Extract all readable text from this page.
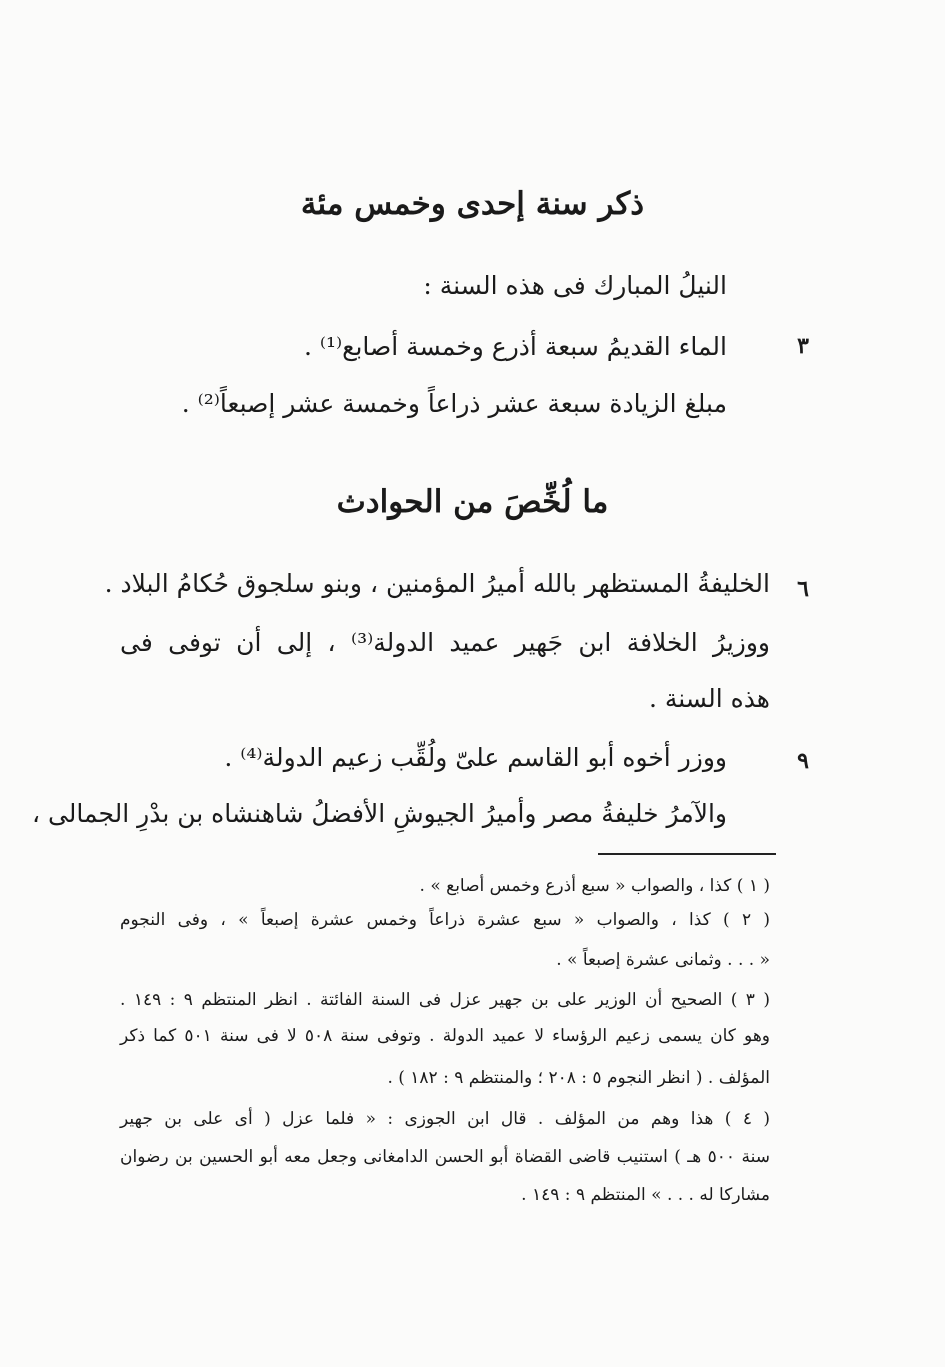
ذكر سنة إحدى وخمس مئة
النيلُ المبارك فى هذه السنة :
٣
الماء القديمُ سبعة أذرع وخمسة أصابع⁽¹⁾ .
مبلغ الزيادة سبعة عشر ذراعاً وخمسة عشر إصبعاً⁽²⁾ .
ما لُخِّصَ من الحوادث
٦
الخليفةُ المستظهر بالله أميرُ المؤمنين ، وبنو سلجوق حُكامُ البلاد .
ووزيرُ الخلافة ابن جَهير عميد الدولة⁽³⁾ ، إلى أن توفى فى
هذه السنة .
٩
ووزر أخوه أبو القاسم علىّ ولُقِّب زعيم الدولة⁽⁴⁾ .
والآمرُ خليفةُ مصر وأميرُ الجيوشِ الأفضلُ شاهنشاه بن بدْرِ الجمالى ،
( ١ ) كذا ، والصواب « سبع أذرع وخمس أصابع » .
( ٢ ) كذا ، والصواب « سبع عشرة ذراعاً وخمس عشرة إصبعاً » ، وفى النجوم
« . . . وثمانى عشرة إصبعاً » .
( ٣ ) الصحيح أن الوزير على بن جهير عزل فى السنة الفائتة . انظر المنتظم ٩ : ١٤٩ .
وهو كان يسمى زعيم الرؤساء لا عميد الدولة . وتوفى سنة ٥٠٨ لا فى سنة ٥٠١ كما ذكر
المؤلف . ( انظر النجوم ٥ : ٢٠٨ ؛ والمنتظم ٩ : ١٨٢ ) .
( ٤ ) هذا وهم من المؤلف . قال ابن الجوزى : « فلما عزل ( أى على بن جهير
سنة ٥٠٠ هـ ) استنيب قاضى القضاة أبو الحسن الدامغانى وجعل معه أبو الحسين بن رضوان
مشاركا له . . . » المنتظم ٩ : ١٤٩ .
